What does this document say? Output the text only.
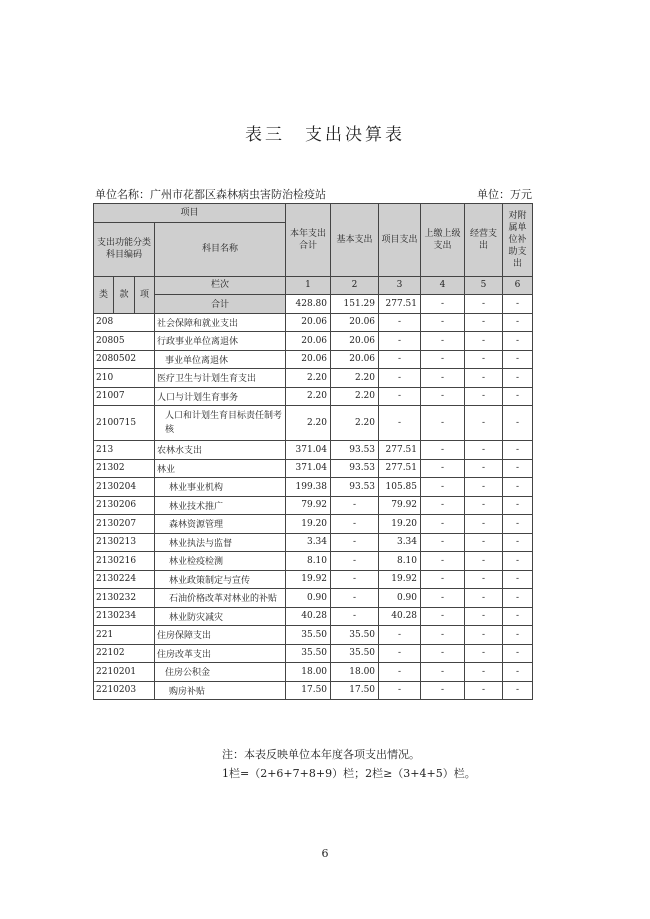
表三　支出决算表
单位名称：广州市花都区森林病虫害防治检疫站	单位：万元
项目				本年支出合计	基本支出	项目支出	上缴上级支出	经营支出	对附属单位补助支出
支出功能分类科目编码			科目名称						

类	款	项	栏次	1	2	3	4	5	6
			合计	428.80	151.29	277.51	-	-	-
208			社会保障和就业支出	20.06	20.06	-	-	-	-
20805			行政事业单位离退休	20.06	20.06	-	-	-	-
2080502			事业单位离退休	20.06	20.06	-	-	-	-
210			医疗卫生与计划生育支出	2.20	2.20	-	-	-	-
21007			人口与计划生育事务	2.20	2.20	-	-	-	-
2100715			人口和计划生育目标责任制考核	2.20	2.20	-	-	-	-
213			农林水支出	371.04	93.53	277.51	-	-	-
21302			林业	371.04	93.53	277.51	-	-	-
2130204			林业事业机构	199.38	93.53	105.85	-	-	-
2130206			林业技术推广	79.92	-	79.92	-	-	-
2130207			森林资源管理	19.20	-	19.20	-	-	-
2130213			林业执法与监督	3.34	-	3.34	-	-	-
2130216			林业检疫检测	8.10	-	8.10	-	-	-
2130224			林业政策制定与宣传	19.92	-	19.92	-	-	-
2130232			石油价格改革对林业的补贴	0.90	-	0.90	-	-	-
2130234			林业防灾减灾	40.28	-	40.28	-	-	-
221			住房保障支出	35.50	35.50	-	-	-	-
22102			住房改革支出	35.50	35.50	-	-	-	-
2210201			住房公积金	18.00	18.00	-	-	-	-
2210203			购房补贴	17.50	17.50	-	-	-	-
注：本表反映单位本年度各项支出情况。
1栏=（2+6+7+8+9）栏；2栏≥（3+4+5）栏。
6
